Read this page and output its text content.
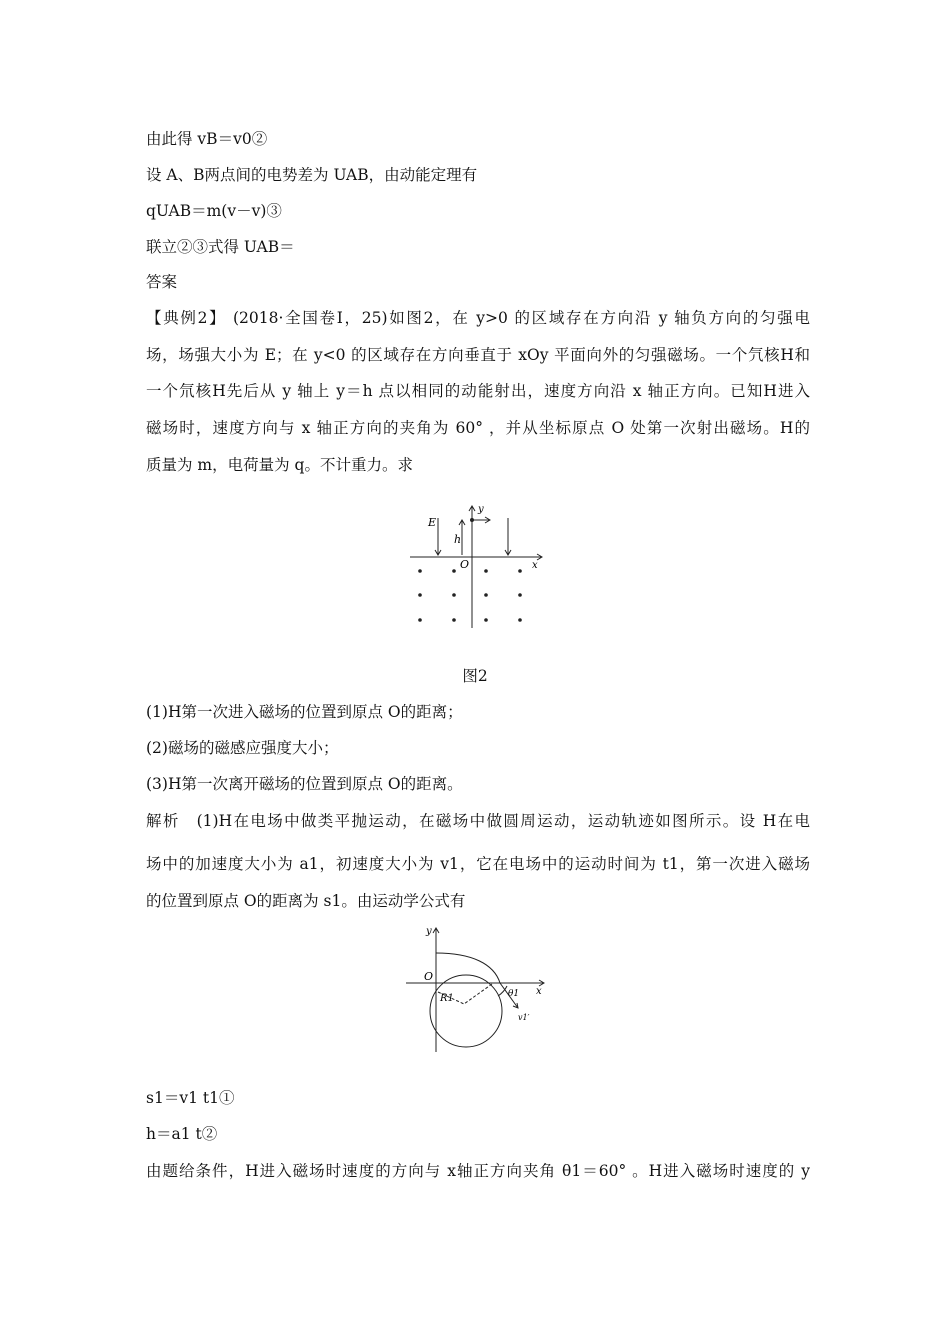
由此得 vB＝v0②
设 A、B两点间的电势差为 UAB，由动能定理有
qUAB＝m(v－v)③
联立②③式得 UAB＝
答案
【典例2】 (2018·全国卷Ⅰ，25)如图2，在 y>0 的区域存在方向沿 y 轴负方向的匀强电
场，场强大小为 E；在 y<0 的区域存在方向垂直于 xOy 平面向外的匀强磁场。一个氕核H和
一个氘核H先后从 y 轴上 y＝h 点以相同的动能射出，速度方向沿 x 轴正方向。已知H进入
磁场时，速度方向与 x 轴正方向的夹角为 60° ，并从坐标原点 O 处第一次射出磁场。H的
质量为 m，电荷量为 q。不计重力。求
E
h
y
O	x
图2
(1)H第一次进入磁场的位置到原点 O的距离；
(2)磁场的磁感应强度大小；
(3)H第一次离开磁场的位置到原点 O的距离。
解析　(1)H在电场中做类平抛运动，在磁场中做圆周运动，运动轨迹如图所示。设 H在电
场中的加速度大小为 a1，初速度大小为 v1，它在电场中的运动时间为 t1，第一次进入磁场
的位置到原点 O的距离为 s1。由运动学公式有
O
y
x
R1	θ1
v1′
s1＝v1 t1①
h＝a1 t②
由题给条件，H进入磁场时速度的方向与 x轴正方向夹角 θ1＝60° 。H进入磁场时速度的 y
